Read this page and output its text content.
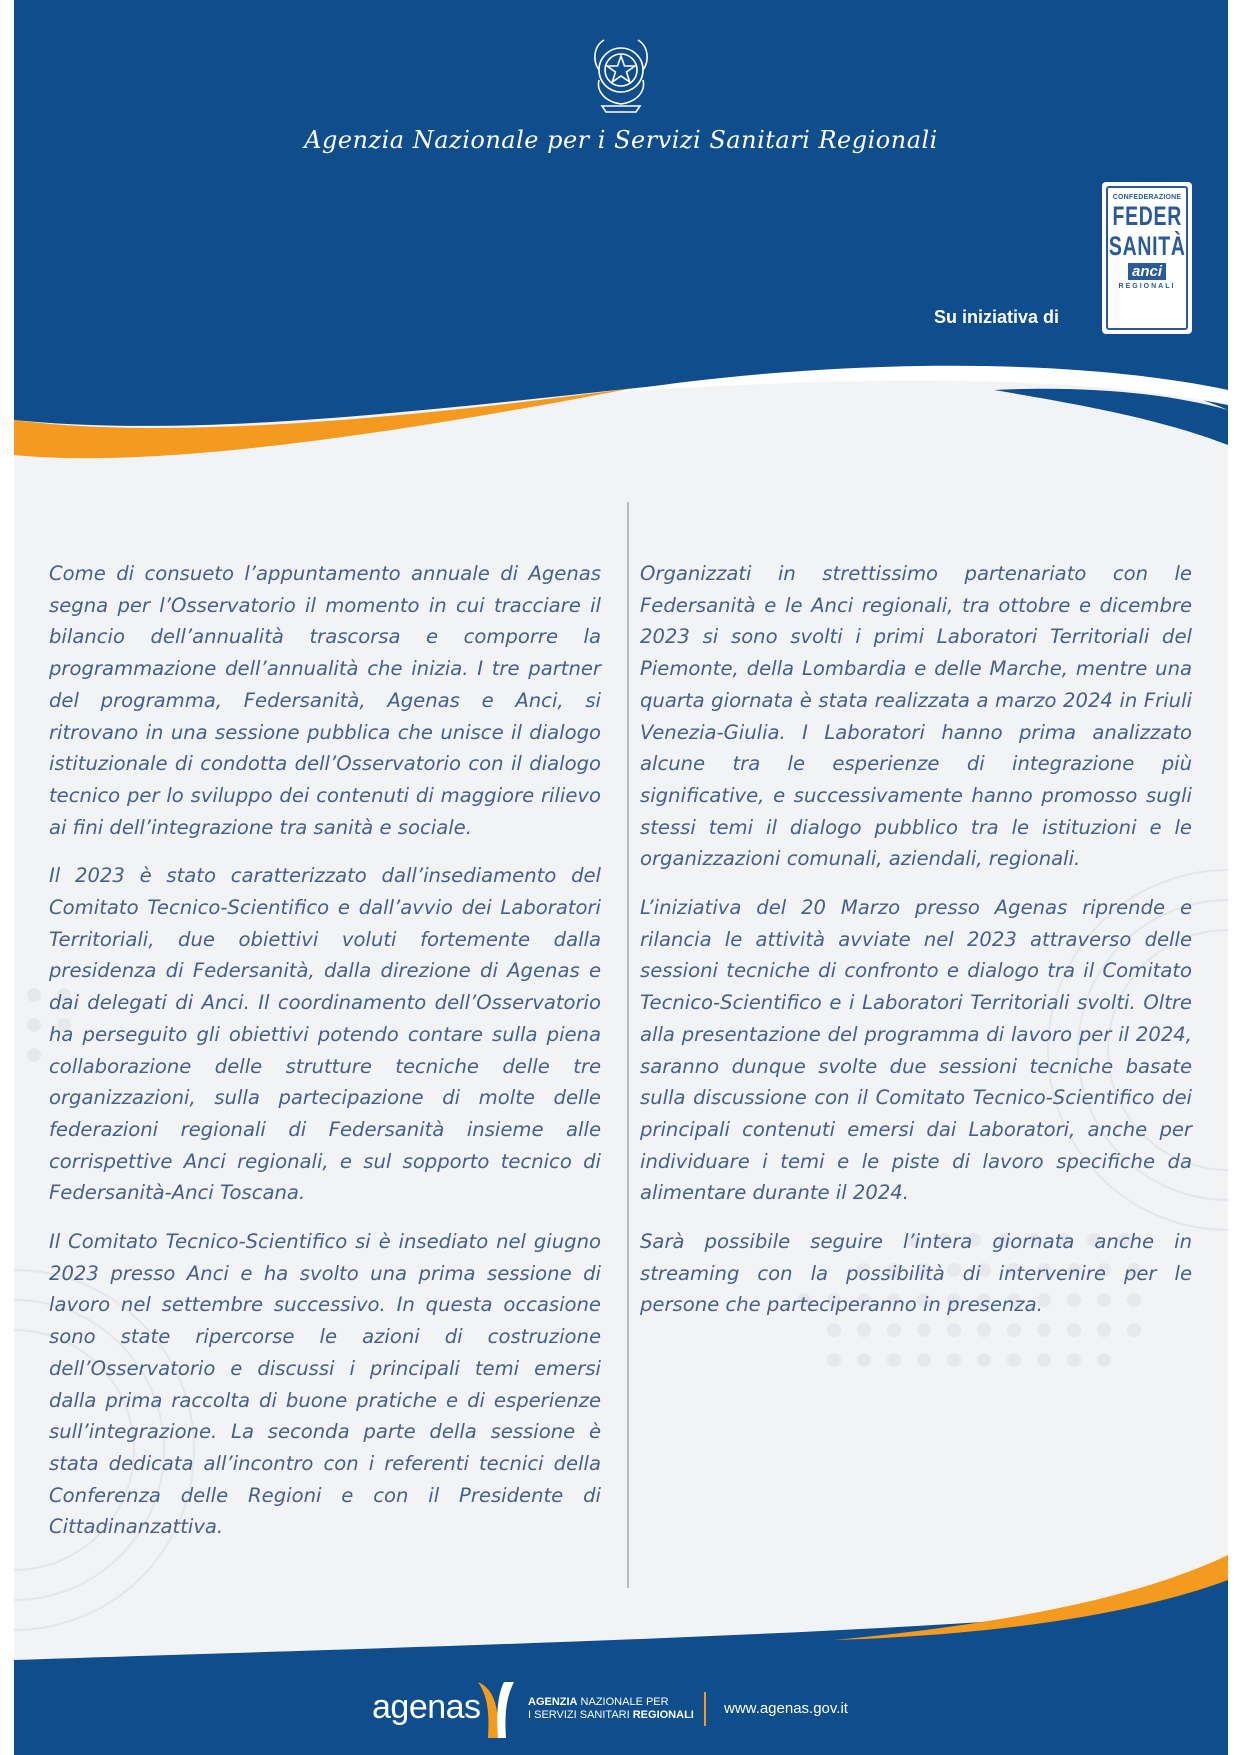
Agenzia Nazionale per i Servizi Sanitari Regionali
Su iniziativa di
CONFEDERAZIONE
FEDER
SANITÀ
anci
REGIONALI

Come di consueto l’appuntamento annuale di Agenas segna per l’Osservatorio il momento in cui tracciare il bilancio dell’annualità trascorsa e comporre la programmazione dell’annualità che inizia. I tre partner del programma, Federsanità, Agenas e Anci, si ritrovano in una sessione pubblica che unisce il dialogo istituzionale di condotta dell’Osservatorio con il dialogo tecnico per lo sviluppo dei contenuti di maggiore rilievo ai fini dell’integrazione tra sanità e sociale.

Il 2023 è stato caratterizzato dall’insediamento del Comitato Tecnico-Scientifico e dall’avvio dei Laboratori Territoriali, due obiettivi voluti fortemente dalla presidenza di Federsanità, dalla direzione di Agenas e dai delegati di Anci. Il coordinamento dell’Osservatorio ha perseguito gli obiettivi potendo contare sulla piena collaborazione delle strutture tecniche delle tre organizzazioni, sulla partecipazione di molte delle federazioni regionali di Federsanità insieme alle corrispettive Anci regionali, e sul sopporto tecnico di Federsanità-Anci Toscana.

Il Comitato Tecnico-Scientifico si è insediato nel giugno 2023 presso Anci e ha svolto una prima sessione di lavoro nel settembre successivo. In questa occasione sono state ripercorse le azioni di costruzione dell’Osservatorio e discussi i principali temi emersi dalla prima raccolta di buone pratiche e di esperienze sull’integrazione. La seconda parte della sessione è stata dedicata all’incontro con i referenti tecnici della Conferenza delle Regioni e con il Presidente di Cittadinanzattiva.

Organizzati in strettissimo partenariato con le Federsanità e le Anci regionali, tra ottobre e dicembre 2023 si sono svolti i primi Laboratori Territoriali del Piemonte, della Lombardia e delle Marche, mentre una quarta giornata è stata realizzata a marzo 2024 in Friuli Venezia-Giulia. I Laboratori hanno prima analizzato alcune tra le esperienze di integrazione più significative, e successivamente hanno promosso sugli stessi temi il dialogo pubblico tra le istituzioni e le organizzazioni comunali, aziendali, regionali.

L’iniziativa del 20 Marzo presso Agenas riprende e rilancia le attività avviate nel 2023 attraverso delle sessioni tecniche di confronto e dialogo tra il Comitato Tecnico-Scientifico e i Laboratori Territoriali svolti. Oltre alla presentazione del programma di lavoro per il 2024, saranno dunque svolte due sessioni tecniche basate sulla discussione con il Comitato Tecnico-Scientifico dei principali contenuti emersi dai Laboratori, anche per individuare i temi e le piste di lavoro specifiche da alimentare durante il 2024.

Sarà possibile seguire l’intera giornata anche in streaming con la possibilità di intervenire per le persone che parteciperanno in presenza.

agenas	AGENZIA NAZIONALE PER
I SERVIZI SANITARI REGIONALI www.agenas.gov.it
